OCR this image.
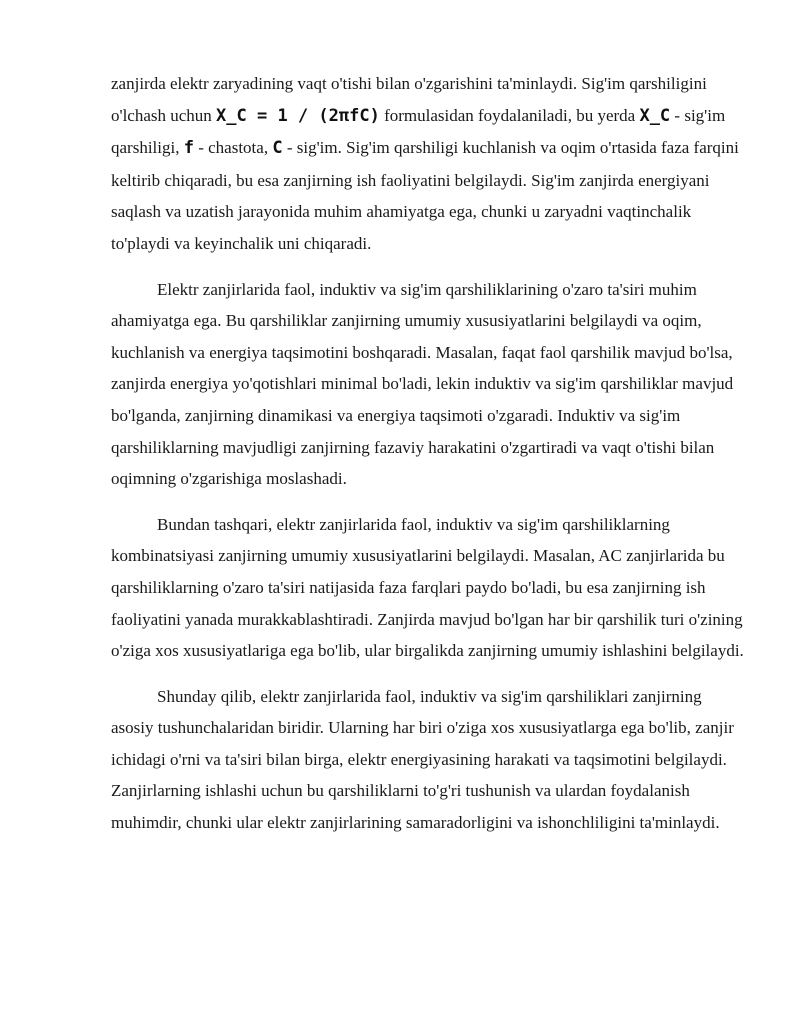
zanjirda elektr zaryadining vaqt o'tishi bilan o'zgarishini ta'minlaydi. Sig'im qarshiligini o'lchash uchun X_C = 1 / (2πfC) formulasidan foydalaniladi, bu yerda X_C - sig'im qarshiligi, f - chastota, C - sig'im. Sig'im qarshiligi kuchlanish va oqim o'rtasida faza farqini keltirib chiqaradi, bu esa zanjirning ish faoliyatini belgilaydi. Sig'im zanjirda energiyani saqlash va uzatish jarayonida muhim ahamiyatga ega, chunki u zaryadni vaqtinchalik to'playdi va keyinchalik uni chiqaradi.

Elektr zanjirlarida faol, induktiv va sig'im qarshiliklarining o'zaro ta'siri muhim ahamiyatga ega. Bu qarshiliklar zanjirning umumiy xususiyatlarini belgilaydi va oqim, kuchlanish va energiya taqsimotini boshqaradi. Masalan, faqat faol qarshilik mavjud bo'lsa, zanjirda energiya yo'qotishlari minimal bo'ladi, lekin induktiv va sig'im qarshiliklar mavjud bo'lganda, zanjirning dinamikasi va energiya taqsimoti o'zgaradi. Induktiv va sig'im qarshiliklarning mavjudligi zanjirning fazaviy harakatini o'zgartiradi va vaqt o'tishi bilan oqimning o'zgarishiga moslashadi.

Bundan tashqari, elektr zanjirlarida faol, induktiv va sig'im qarshiliklarning kombinatsiyasi zanjirning umumiy xususiyatlarini belgilaydi. Masalan, AC zanjirlarida bu qarshiliklarning o'zaro ta'siri natijasida faza farqlari paydo bo'ladi, bu esa zanjirning ish faoliyatini yanada murakkablashtiradi. Zanjirda mavjud bo'lgan har bir qarshilik turi o'zining o'ziga xos xususiyatlariga ega bo'lib, ular birgalikda zanjirning umumiy ishlashini belgilaydi.

Shunday qilib, elektr zanjirlarida faol, induktiv va sig'im qarshiliklari zanjirning asosiy tushunchalaridan biridir. Ularning har biri o'ziga xos xususiyatlarga ega bo'lib, zanjir ichidagi o'rni va ta'siri bilan birga, elektr energiyasining harakati va taqsimotini belgilaydi. Zanjirlarning ishlashi uchun bu qarshiliklarni to'g'ri tushunish va ulardan foydalanish muhimdir, chunki ular elektr zanjirlarining samaradorligini va ishonchliligini ta'minlaydi.
